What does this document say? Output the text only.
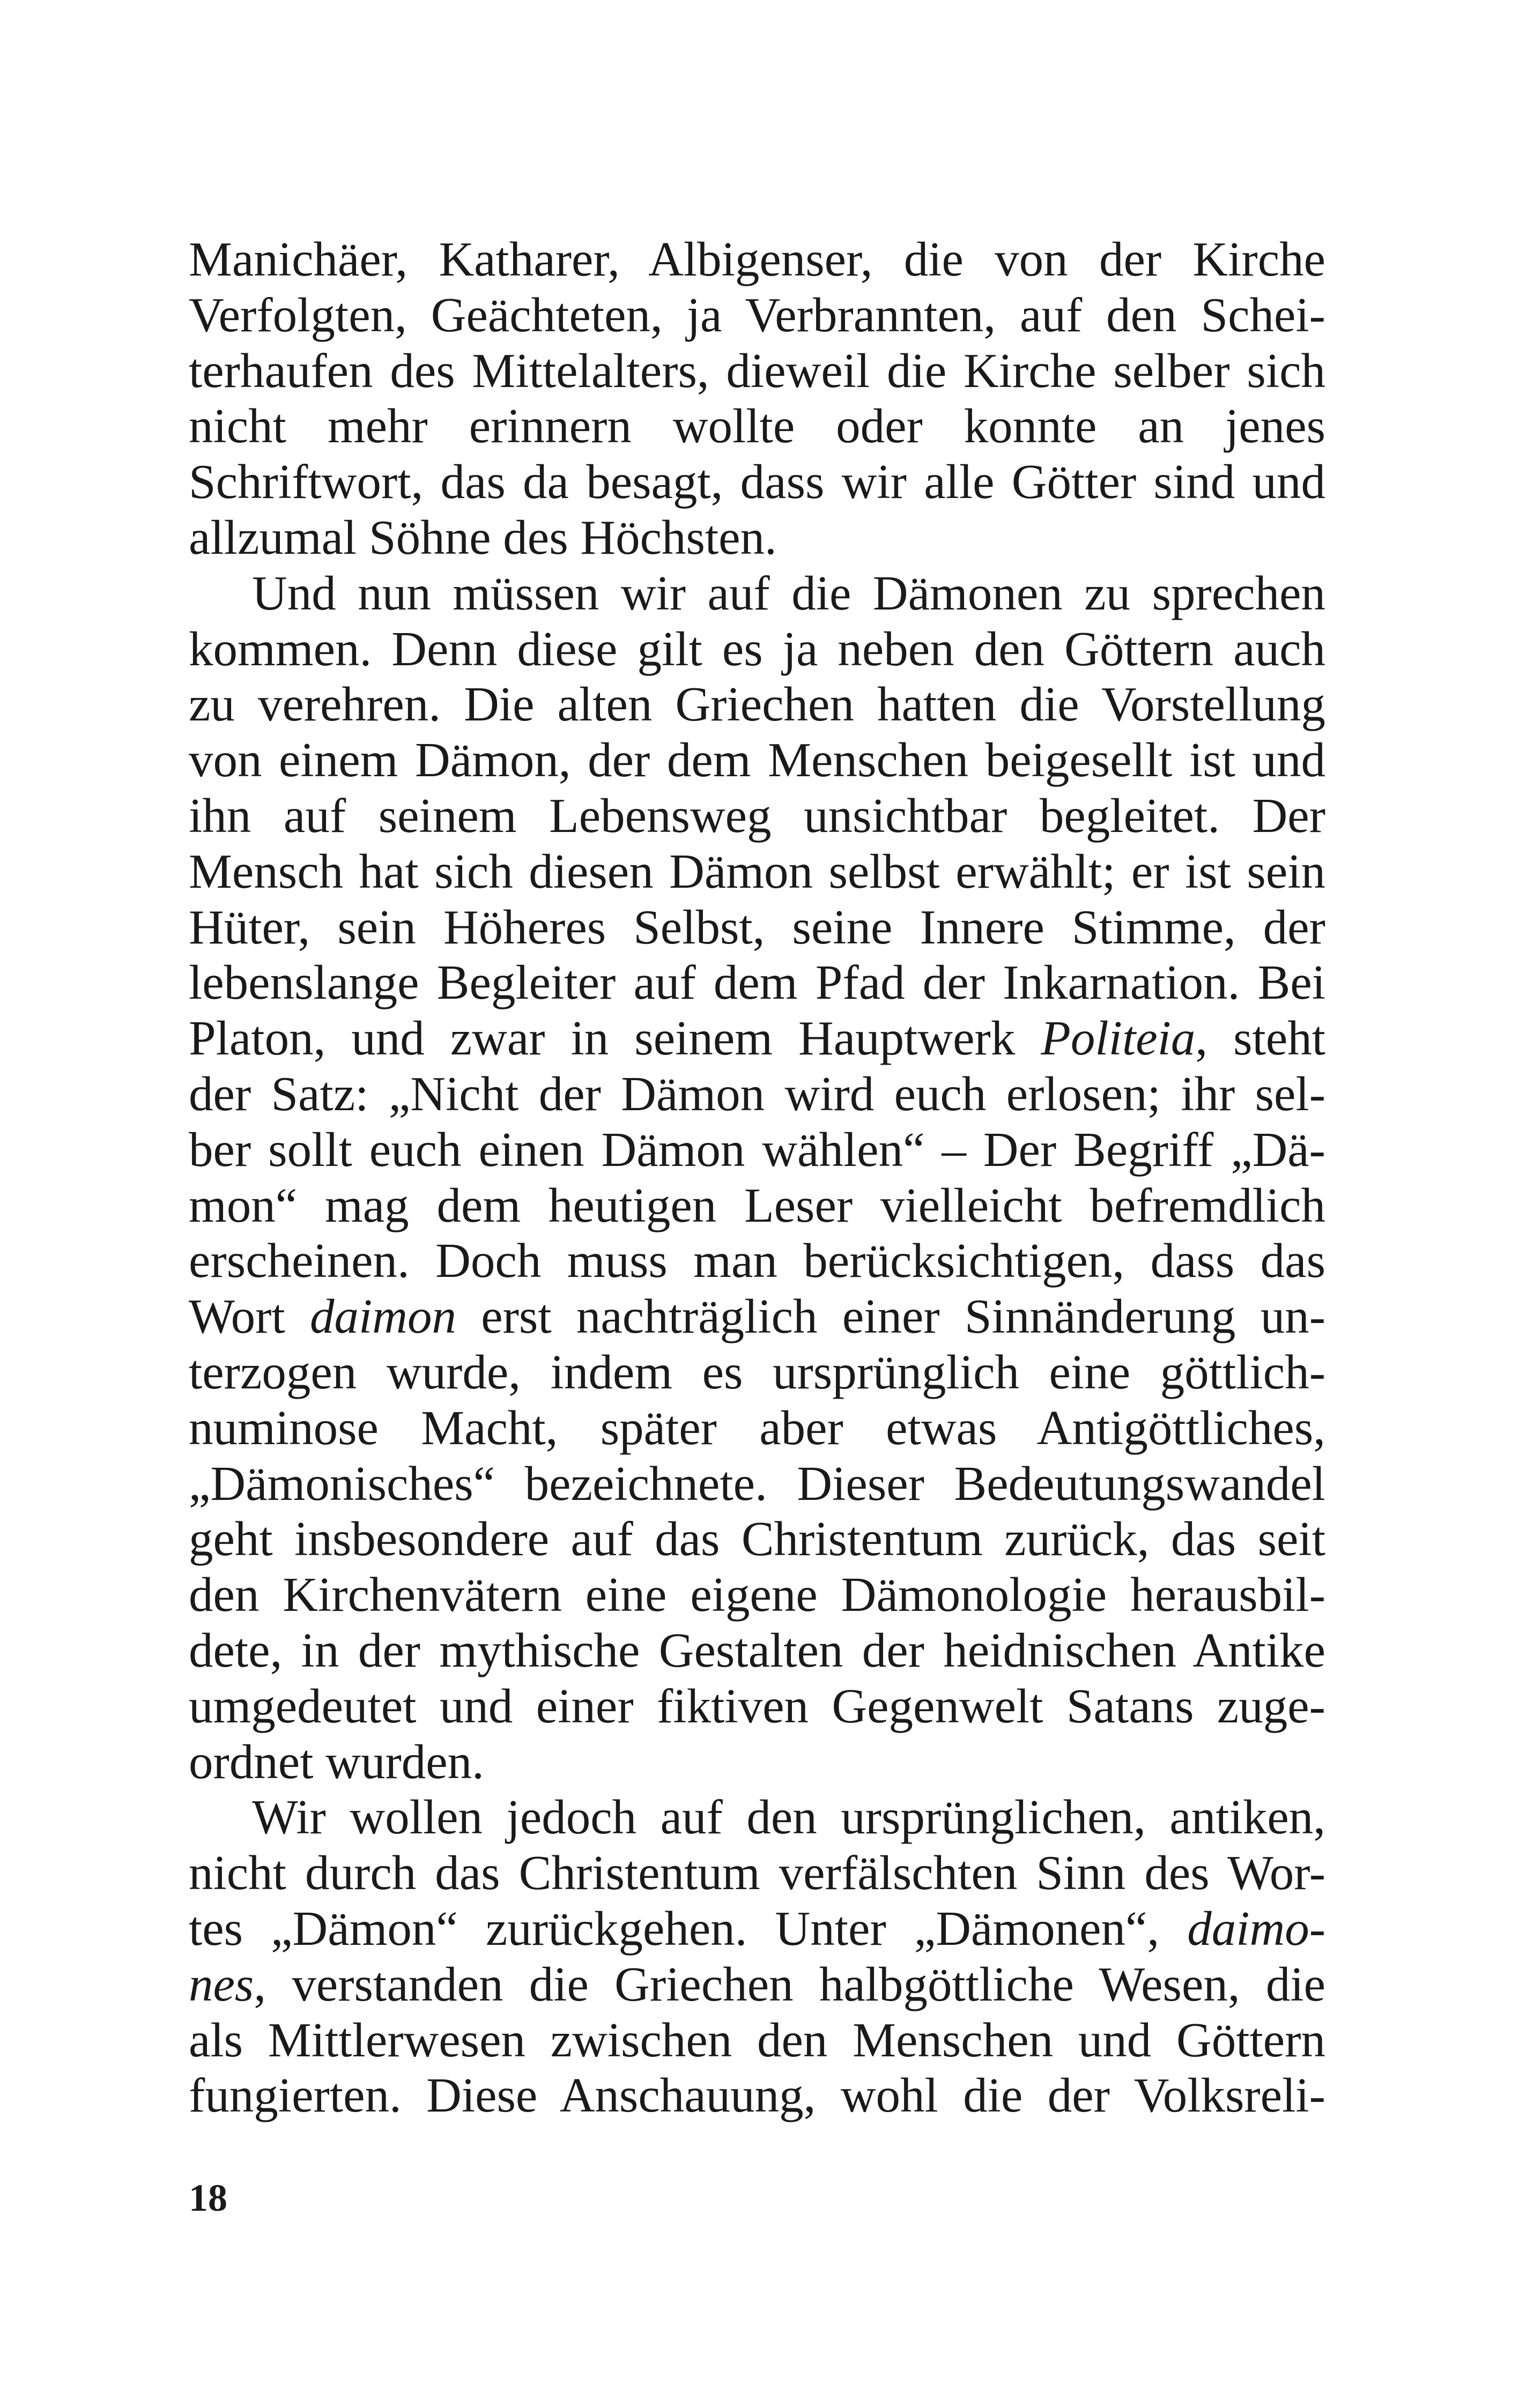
Manichäer, Katharer, Albigenser, die von der Kirche
Verfolgten, Geächteten, ja Verbrannten, auf den Schei-
terhaufen des Mittelalters, dieweil die Kirche selber sich
nicht mehr erinnern wollte oder konnte an jenes
Schriftwort, das da besagt, dass wir alle Götter sind und
allzumal Söhne des Höchsten.
Und nun müssen wir auf die Dämonen zu sprechen
kommen. Denn diese gilt es ja neben den Göttern auch
zu verehren. Die alten Griechen hatten die Vorstellung
von einem Dämon, der dem Menschen beigesellt ist und
ihn auf seinem Lebensweg unsichtbar begleitet. Der
Mensch hat sich diesen Dämon selbst erwählt; er ist sein
Hüter, sein Höheres Selbst, seine Innere Stimme, der
lebenslange Begleiter auf dem Pfad der Inkarnation. Bei
Platon, und zwar in seinem Hauptwerk Politeia, steht
der Satz: „Nicht der Dämon wird euch erlosen; ihr sel-
ber sollt euch einen Dämon wählen“ – Der Begriff „Dä-
mon“ mag dem heutigen Leser vielleicht befremdlich
erscheinen. Doch muss man berücksichtigen, dass das
Wort daimon erst nachträglich einer Sinnänderung un-
terzogen wurde, indem es ursprünglich eine göttlich-
numinose Macht, später aber etwas Antigöttliches,
„Dämonisches“ bezeichnete. Dieser Bedeutungswandel
geht insbesondere auf das Christentum zurück, das seit
den Kirchenvätern eine eigene Dämonologie herausbil-
dete, in der mythische Gestalten der heidnischen Antike
umgedeutet und einer fiktiven Gegenwelt Satans zuge-
ordnet wurden.
Wir wollen jedoch auf den ursprünglichen, antiken,
nicht durch das Christentum verfälschten Sinn des Wor-
tes „Dämon“ zurückgehen. Unter „Dämonen“, daimo-
nes, verstanden die Griechen halbgöttliche Wesen, die
als Mittlerwesen zwischen den Menschen und Göttern
fungierten. Diese Anschauung, wohl die der Volksreli-
18
